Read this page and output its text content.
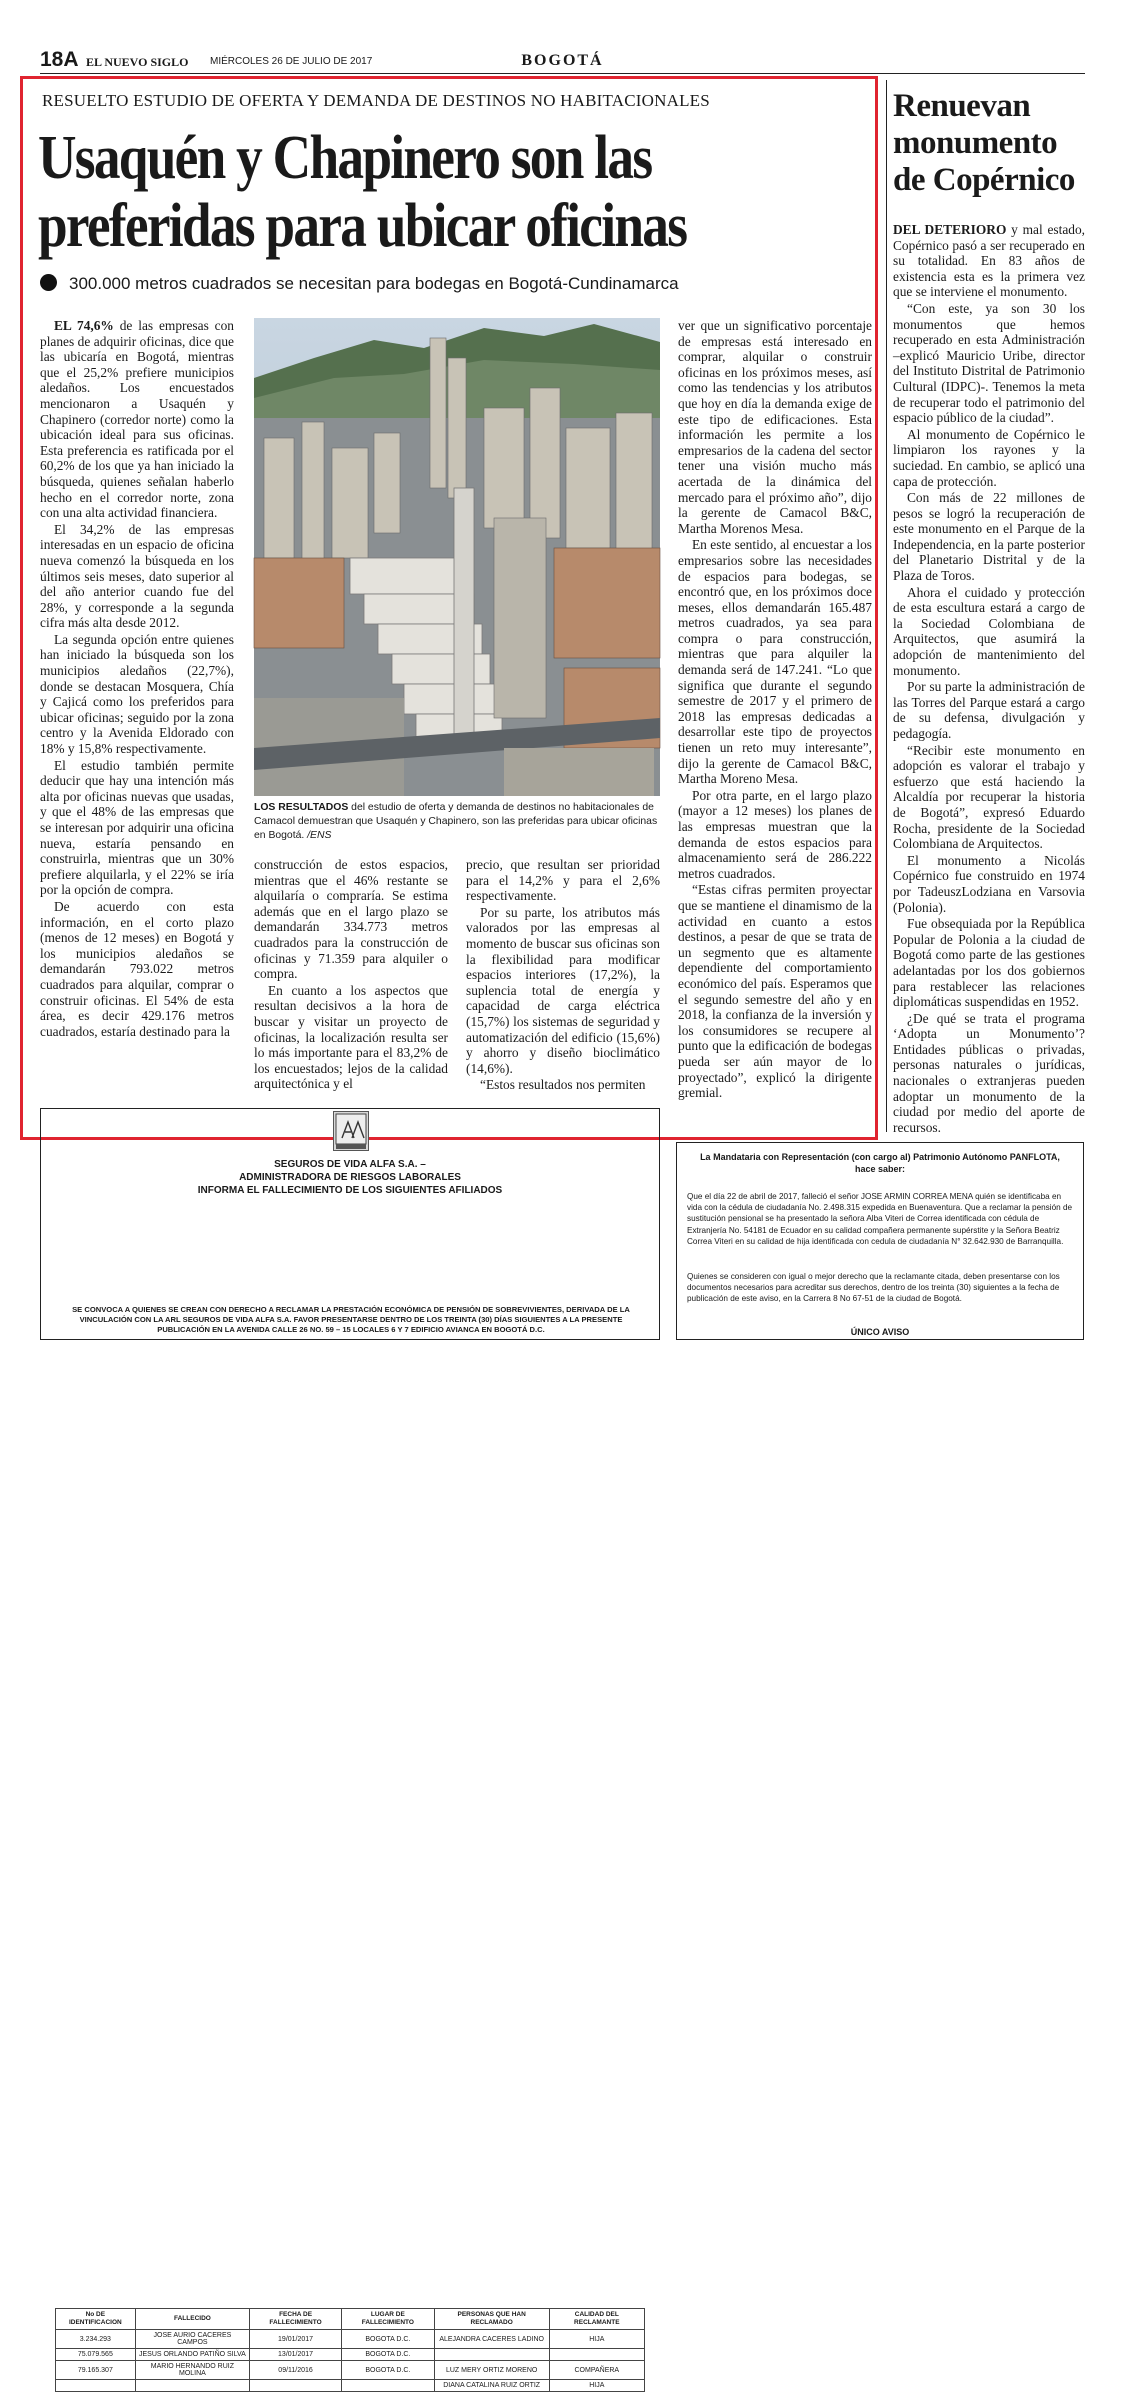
18A EL NUEVO SIGLO MIÉRCOLES 26 DE JULIO DE 2017	BOGOTÁ
RESUELTO ESTUDIO DE OFERTA Y DEMANDA DE DESTINOS NO HABITACIONALES
Usaquén y Chapinero son las
preferidas para ubicar oficinas
300.000 metros cuadrados se necesitan para bodegas en Bogotá-Cundinamarca

EL 74,6% de las empresas con planes de adquirir oficinas, dice que las ubicaría en Bogotá, mientras que el 25,2% prefiere municipios aledaños. Los encuestados mencionaron a Usaquén y Chapinero (corredor norte) como la ubicación ideal para sus oficinas. Esta preferencia es ratificada por el 60,2% de los que ya han iniciado la búsqueda, quienes señalan haberlo hecho en el corredor norte, zona con una alta actividad financiera.

El 34,2% de las empresas interesadas en un espacio de oficina nueva comenzó la búsqueda en los últimos seis meses, dato superior al del año anterior cuando fue del 28%, y corresponde a la segunda cifra más alta desde 2012.

La segunda opción entre quienes han iniciado la búsqueda son los municipios aledaños (22,7%), donde se destacan Mosquera, Chía y Cajicá como los preferidos para ubicar oficinas; seguido por la zona centro y la Avenida Eldorado con 18% y 15,8% respectivamente.

El estudio también permite deducir que hay una intención más alta por oficinas nuevas que usadas, y que el 48% de las empresas que se interesan por adquirir una oficina nueva, estaría pensando en construirla, mientras que un 30% prefiere alquilarla, y el 22% se iría por la opción de compra.

De acuerdo con esta información, en el corto plazo (menos de 12 meses) en Bogotá y los municipios aledaños se demandarán 793.022 metros cuadrados para alquilar, comprar o construir oficinas. El 54% de esta área, es decir 429.176 metros cuadrados, estaría destinado para la

LOS RESULTADOS del estudio de oferta y demanda de destinos no habitacionales de Camacol demuestran que Usaquén y Chapinero, son las preferidas para ubicar oficinas en Bogotá. /ENS

construcción de estos espacios, mientras que el 46% restante se alquilaría o compraría. Se estima además que en el largo plazo se demandarán 334.773 metros cuadrados para la construcción de oficinas y 71.359 para alquiler o compra.

En cuanto a los aspectos que resultan decisivos a la hora de buscar y visitar un proyecto de oficinas, la localización resulta ser lo más importante para el 83,2% de los encuestados; lejos de la calidad arquitectónica y el

precio, que resultan ser prioridad para el 14,2% y para el 2,6% respectivamente.

Por su parte, los atributos más valorados por las empresas al momento de buscar sus oficinas son la flexibilidad para modificar espacios interiores (17,2%), la suplencia total de energía y capacidad de carga eléctrica (15,7%) los sistemas de seguridad y automatización del edificio (15,6%) y ahorro y diseño bioclimático (14,6%).

“Estos resultados nos permiten

ver que un significativo porcentaje de empresas está interesado en comprar, alquilar o construir oficinas en los próximos meses, así como las tendencias y los atributos que hoy en día la demanda exige de este tipo de edificaciones. Esta información les permite a los empresarios de la cadena del sector tener una visión mucho más acertada de la dinámica del mercado para el próximo año”, dijo la gerente de Camacol B&C, Martha Morenos Mesa.

En este sentido, al encuestar a los empresarios sobre las necesidades de espacios para bodegas, se encontró que, en los próximos doce meses, ellos demandarán 165.487 metros cuadrados, ya sea para compra o para construcción, mientras que para alquiler la demanda será de 147.241. “Lo que significa que durante el segundo semestre de 2017 y el primero de 2018 las empresas dedicadas a desarrollar este tipo de proyectos tienen un reto muy interesante”, dijo la gerente de Camacol B&C, Martha Moreno Mesa.

Por otra parte, en el largo plazo (mayor a 12 meses) los planes de las empresas muestran que la demanda de estos espacios para almacenamiento será de 286.222 metros cuadrados.

“Estas cifras permiten proyectar que se mantiene el dinamismo de la actividad en cuanto a estos destinos, a pesar de que se trata de un segmento que es altamente dependiente del comportamiento económico del país. Esperamos que el segundo semestre del año y en 2018, la confianza de la inversión y los consumidores se recupere al punto que la edificación de bodegas pueda ser aún mayor de lo proyectado”, explicó la dirigente gremial.

Renuevan
monumento
de Copérnico

DEL DETERIORO y mal estado, Copérnico pasó a ser recuperado en su totalidad. En 83 años de existencia esta es la primera vez que se interviene el monumento.

“Con este, ya son 30 los monumentos que hemos recuperado en esta Administración –explicó Mauricio Uribe, director del Instituto Distrital de Patrimonio Cultural (IDPC)-. Tenemos la meta de recuperar todo el patrimonio del espacio público de la ciudad”.

Al monumento de Copérnico le limpiaron los rayones y la suciedad. En cambio, se aplicó una capa de protección.

Con más de 22 millones de pesos se logró la recuperación de este monumento en el Parque de la Independencia, en la parte posterior del Planetario Distrital y de la Plaza de Toros.

Ahora el cuidado y protección de esta escultura estará a cargo de la Sociedad Colombiana de Arquitectos, que asumirá la adopción de mantenimiento del monumento.

Por su parte la administración de las Torres del Parque estará a cargo de su defensa, divulgación y pedagogía.

“Recibir este monumento en adopción es valorar el trabajo y esfuerzo que está haciendo la Alcaldía por recuperar la historia de Bogotá”, expresó Eduardo Rocha, presidente de la Sociedad Colombiana de Arquitectos.

El monumento a Nicolás Copérnico fue construido en 1974 por TadeuszLodziana en Varsovia (Polonia).

Fue obsequiada por la República Popular de Polonia a la ciudad de Bogotá como parte de las gestiones adelantadas por los dos gobiernos para restablecer las relaciones diplomáticas suspendidas en 1952.

¿De qué se trata el programa ‘Adopta un Monumento’? Entidades públicas o privadas, personas naturales o jurídicas, nacionales o extranjeras pueden adoptar un monumento de la ciudad por medio del aporte de recursos.

SEGUROS DE VIDA ALFA S.A. –
ADMINISTRADORA DE RIESGOS LABORALES
INFORMA EL FALLECIMIENTO DE LOS SIGUIENTES AFILIADOS
No DE IDENTIFICACION	FALLECIDO	FECHA DE FALLECIMIENTO	LUGAR DE FALLECIMIENTO	PERSONAS QUE HAN RECLAMADO	CALIDAD DEL RECLAMANTE
3.234.293	JOSE AURIO CACERES CAMPOS	19/01/2017	BOGOTA D.C.	ALEJANDRA CACERES LADINO	HIJA
75.079.565	JESUS ORLANDO PATIÑO SILVA	13/01/2017	BOGOTA D.C.		
79.165.307	MARIO HERNANDO RUIZ MOLINA	09/11/2016	BOGOTA D.C.	LUZ MERY ORTIZ MORENO	COMPAÑERA
				DIANA CATALINA RUIZ ORTIZ	HIJA
SE CONVOCA A QUIENES SE CREAN CON DERECHO A RECLAMAR LA PRESTACIÓN ECONÓMICA DE PENSIÓN DE SOBREVIVIENTES, DERIVADA DE LA VINCULACIÓN CON LA ARL SEGUROS DE VIDA ALFA S.A. FAVOR PRESENTARSE DENTRO DE LOS TREINTA (30) DÍAS SIGUIENTES A LA PRESENTE PUBLICACIÓN EN LA AVENIDA CALLE 26 NO. 59 – 15 LOCALES 6 Y 7 EDIFICIO AVIANCA EN BOGOTÁ D.C.
La Mandataria con Representación (con cargo al) Patrimonio Autónomo PANFLOTA,
hace saber:
Que el día 22 de abril de 2017, falleció el señor JOSE ARMIN CORREA MENA quién se identificaba en vida con la cédula de ciudadanía No. 2.498.315 expedida en Buenaventura. Que a reclamar la pensión de sustitución pensional se ha presentado la señora Alba Viteri de Correa identificada con cédula de Extranjería No. 54181 de Ecuador en su calidad compañera permanente supérstite y la Señora Beatriz Correa Viteri en su calidad de hija identificada con cedula de ciudadanía N° 32.642.930 de Barranquilla.
Quienes se consideren con igual o mejor derecho que la reclamante citada, deben presentarse con los documentos necesarios para acreditar sus derechos, dentro de los treinta (30) siguientes a la fecha de publicación de este aviso, en la Carrera 8 No 67-51 de la ciudad de Bogotá.
ÚNICO AVISO
